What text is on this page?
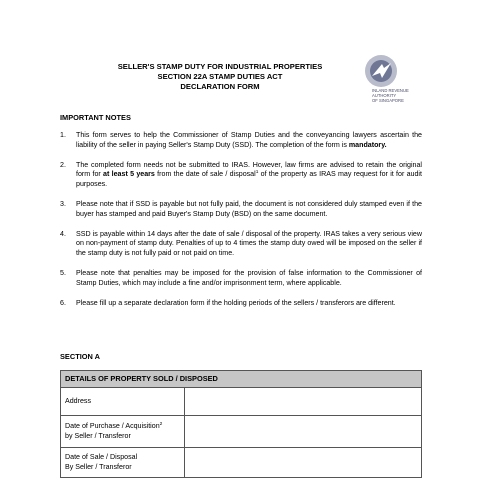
SELLER'S STAMP DUTY FOR INDUSTRIAL PROPERTIES
SECTION 22A STAMP DUTIES ACT
DECLARATION FORM	INLAND REVENUE
AUTHORITY
OF SINGAPORE
IMPORTANT NOTES
1. This form serves to help the Commissioner of Stamp Duties and the conveyancing lawyers ascertain the liability of the seller in paying Seller's Stamp Duty (SSD). The completion of the form is mandatory.
2. The completed form needs not be submitted to IRAS. However, law firms are advised to retain the original form for at least 5 years from the date of sale / disposal$^1$ of the property as IRAS may request for it for audit purposes.
3. Please note that if SSD is payable but not fully paid, the document is not considered duly stamped even if the buyer has stamped and paid Buyer's Stamp Duty (BSD) on the same document.
4. SSD is payable within 14 days after the date of sale / disposal of the property. IRAS takes a very serious view on non-payment of stamp duty. Penalties of up to 4 times the stamp duty owed will be imposed on the seller if the stamp duty is not fully paid or not paid on time.
5. Please note that penalties may be imposed for the provision of false information to the Commissioner of Stamp Duties, which may include a fine and/or imprisonment term, where applicable.
6. Please fill up a separate declaration form if the holding periods of the sellers / transferors are different.
SECTION A
DETAILS OF PROPERTY SOLD / DISPOSED	
Address	
Date of Purchase / Acquisition$^2$
by Seller / Transferor	
Date of Sale / Disposal
By Seller / Transferor	
